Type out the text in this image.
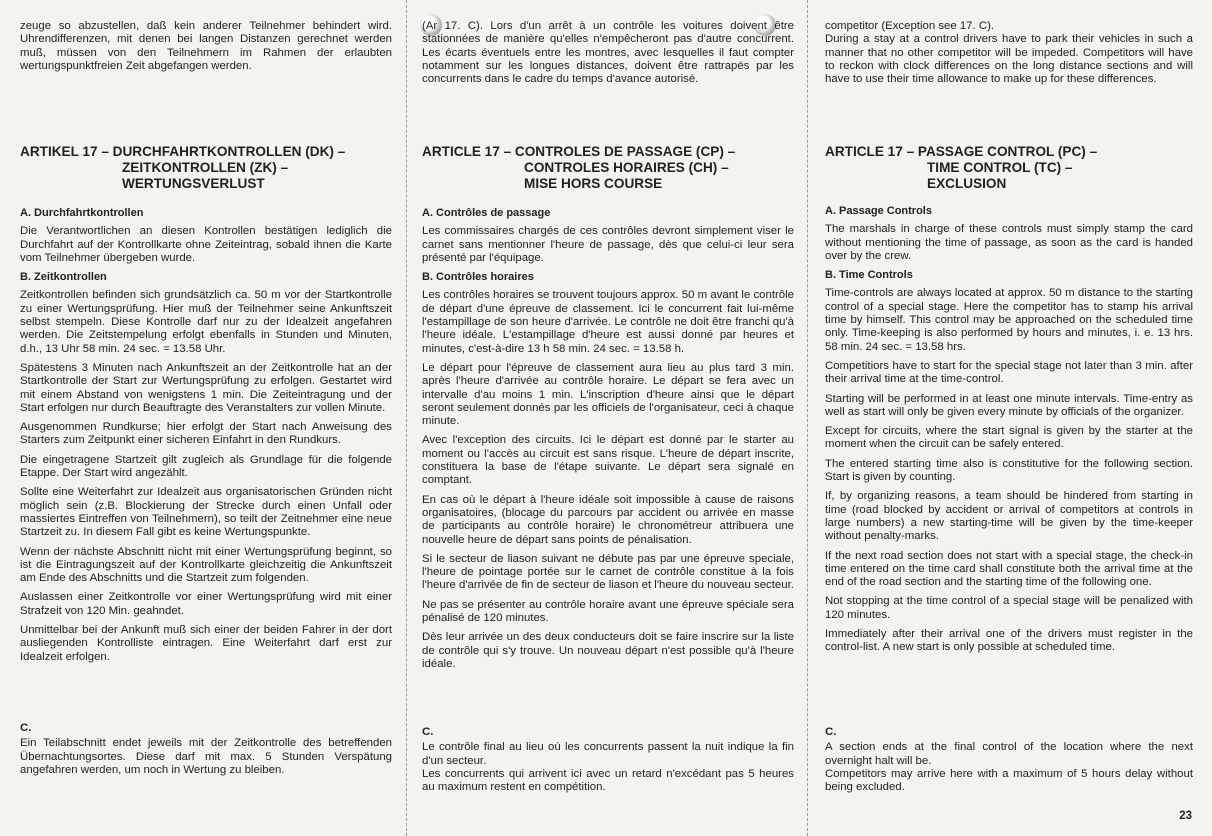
zeuge so abzustellen, daß kein anderer Teilnehmer behindert wird. Uhrendifferenzen, mit denen bei langen Distanzen gerechnet werden muß, müssen von den Teilnehmern im Rahmen der erlaubten wertungspunktfreien Zeit abgefangen werden.

ARTIKEL 17 – DURCHFAHRTKONTROLLEN (DK) –
ZEITKONTROLLEN (ZK) –
WERTUNGSVERLUST
A. Durchfahrtkontrollen

Die Verantwortlichen an diesen Kontrollen bestätigen lediglich die Durchfahrt auf der Kontrollkarte ohne Zeiteintrag, sobald ihnen die Karte vom Teilnehmer übergeben wurde.

B. Zeitkontrollen

Zeitkontrollen befinden sich grundsätzlich ca. 50 m vor der Startkontrolle zu einer Wertungsprüfung. Hier muß der Teilnehmer seine Ankunftszeit selbst stempeln. Diese Kontrolle darf nur zu der Idealzeit angefahren werden. Die Zeitstempelung erfolgt ebenfalls in Stunden und Minuten, d.h., 13 Uhr 58 min. 24 sec. = 13.58 Uhr.

Spätestens 3 Minuten nach Ankunftszeit an der Zeitkontrolle hat an der Startkontrolle der Start zur Wertungsprüfung zu erfolgen. Gestartet wird mit einem Abstand von wenigstens 1 min. Die Zeiteintragung und der Start erfolgen nur durch Beauftragte des Veranstalters zur vollen Minute.

Ausgenommen Rundkurse; hier erfolgt der Start nach Anweisung des Starters zum Zeitpunkt einer sicheren Einfahrt in den Rundkurs.

Die eingetragene Startzeit gilt zugleich als Grundlage für die folgende Etappe. Der Start wird angezählt.

Sollte eine Weiterfahrt zur Idealzeit aus organisatorischen Gründen nicht möglich sein (z.B. Blockierung der Strecke durch einen Unfall oder massiertes Eintreffen von Teilnehmern), so teilt der Zeitnehmer eine neue Startzeit zu. In diesem Fall gibt es keine Wertungspunkte.

Wenn der nächste Abschnitt nicht mit einer Wertungsprüfung beginnt, so ist die Eintragungszeit auf der Kontrollkarte gleichzeitig die Ankunftszeit am Ende des Abschnitts und die Startzeit zum folgenden.

Auslassen einer Zeitkontrolle vor einer Wertungsprüfung wird mit einer Strafzeit von 120 Min. geahndet.

Unmittelbar bei der Ankunft muß sich einer der beiden Fahrer in der dort ausliegenden Kontrolliste eintragen. Eine Weiterfahrt darf erst zur Idealzeit erfolgen.

C.

Ein Teilabschnitt endet jeweils mit der Zeitkontrolle des betreffenden Übernachtungsortes. Diese darf mit max. 5 Stunden Verspätung angefahren werden, um noch in Wertung zu bleiben.

(Ar 17. C). Lors d'un arrêt à un contrôle les voitures doivent être stationnées de manière qu'elles n'empêcheront pas d'autre concurrent. Les écarts éventuels entre les montres, avec lesquelles il faut compter notamment sur les longues distances, doivent être rattrapés par les concurrents dans le cadre du temps d'avance autorisé.

ARTICLE 17 – CONTROLES DE PASSAGE (CP) –
CONTROLES HORAIRES (CH) –
MISE HORS COURSE
A. Contrôles de passage

Les commissaires chargés de ces contrôles devront simplement viser le carnet sans mentionner l'heure de passage, dès que celui-ci leur sera présenté par l'équipage.

B. Contrôles horaires

Les contrôles horaires se trouvent toujours approx. 50 m avant le contrôle de départ d'une épreuve de classement. Ici le concurrent fait lui-même l'estampillage de son heure d'arrivée. Le contrôle ne doit être franchi qu'à l'heure idéale. L'estampillage d'heure est aussi donné par heures et minutes, c'est-à-dire 13 h 58 min. 24 sec. = 13.58 h.

Le départ pour l'épreuve de classement aura lieu au plus tard 3 min. après l'heure d'arrivée au contrôle horaire. Le départ se fera avec un intervalle d'au moins 1 min. L'inscription d'heure ainsi que le départ seront seulement donnés par les officiels de l'organisateur, ceci à chaque minute.

Avec l'exception des circuits. Ici le départ est donné par le starter au moment ou l'accès au circuit est sans risque. L'heure de départ inscrite, constituera la base de l'étape suivante. Le départ sera signalé en comptant.

En cas où le départ à l'heure idéale soit impossible à cause de raisons organisatoires, (blocage du parcours par accident ou arrivée en masse de participants au contrôle horaire) le chronométreur attribuera une nouvelle heure de départ sans points de pénalisation.

Si le secteur de liason suivant ne débute pas par une épreuve speciale, l'heure de pointage portée sur le carnet de contrôle constitue à la fois l'heure d'arrivée de fin de secteur de liason et l'heure du nouveau secteur.

Ne pas se présenter au contrôle horaire avant une épreuve spéciale sera pénalisé de 120 minutes.

Dès leur arrivée un des deux conducteurs doit se faire inscrire sur la liste de contrôle qui s'y trouve. Un nouveau départ n'est possible qu'à l'heure idéale.

C.

Le contrôle final au lieu où les concurrents passent la nuit indique la fin d'un secteur.

Les concurrents qui arrivent ici avec un retard n'excédant pas 5 heures au maximum restent en compétition.

competitor (Exception see 17. C).

During a stay at a control drivers have to park their vehicles in such a manner that no other competitor will be impeded. Competitors will have to reckon with clock differences on the long distance sections and will have to use their time allowance to make up for these differences.

ARTICLE 17 – PASSAGE CONTROL (PC) –
TIME CONTROL (TC) –
EXCLUSION
A. Passage Controls

The marshals in charge of these controls must simply stamp the card without mentioning the time of passage, as soon as the card is handed over by the crew.

B. Time Controls

Time-controls are always located at approx. 50 m distance to the starting control of a special stage. Here the competitor has to stamp his arrival time by himself. This control may be approached on the scheduled time only. Time-keeping is also performed by hours and minutes, i. e. 13 hrs. 58 min. 24 sec. = 13.58 hrs.

Competitiors have to start for the special stage not later than 3 min. after their arrival time at the time-control.

Starting will be performed in at least one minute intervals. Time-entry as well as start will only be given every minute by officials of the organizer.

Except for circuits, where the start signal is given by the starter at the moment when the circuit can be safely entered.

The entered starting time also is constitutive for the following section. Start is given by counting.

If, by organizing reasons, a team should be hindered from starting in time (road blocked by accident or arrival of competitors at controls in large numbers) a new starting-time will be given by the time-keeper without penalty-marks.

If the next road section does not start with a special stage, the check-in time entered on the time card shall constitute both the arrival time at the end of the road section and the starting time of the following one.

Not stopping at the time control of a special stage will be penalized with 120 minutes.

Immediately after their arrival one of the drivers must register in the control-list. A new start is only possible at scheduled time.

C.

A section ends at the final control of the location where the next overnight halt will be.

Competitors may arrive here with a maximum of 5 hours delay without being excluded.

23
